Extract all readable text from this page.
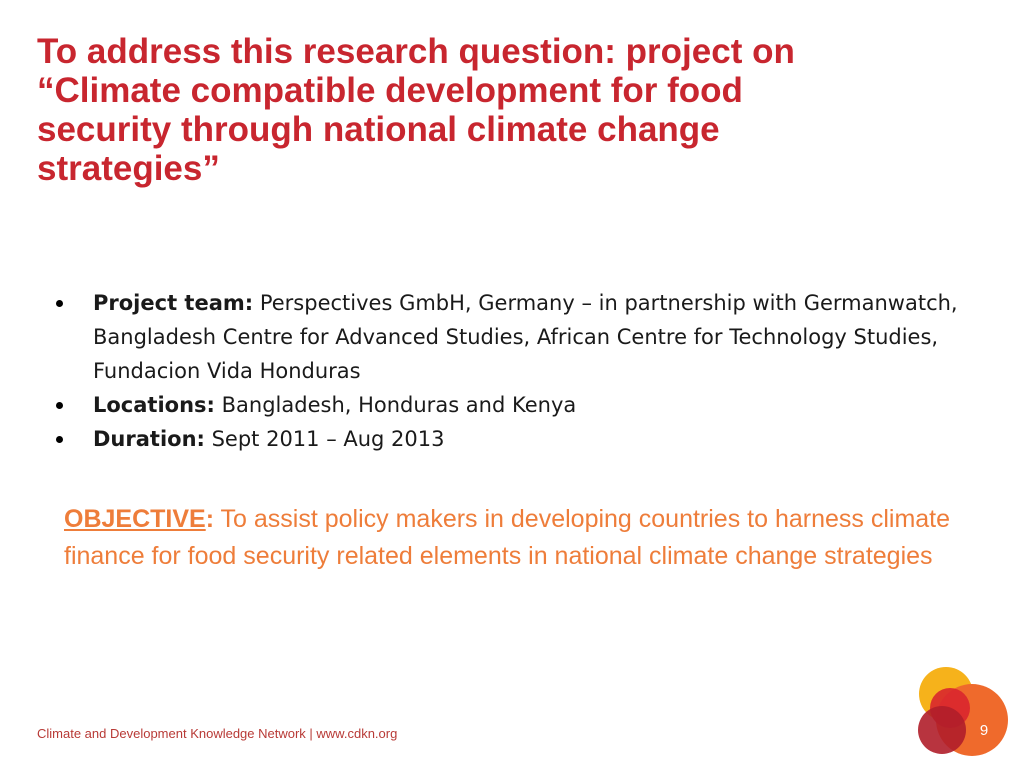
To address this research question: project on
“Climate compatible development for food
security through national climate change
strategies”
Project team: Perspectives GmbH, Germany – in partnership with Germanwatch, Bangladesh Centre for Advanced Studies, African Centre for Technology Studies, Fundacion Vida Honduras
Locations: Bangladesh, Honduras and Kenya
Duration: Sept 2011 – Aug 2013

OBJECTIVE: To assist policy makers in developing countries to harness climate finance for food security related elements in national climate change strategies

Climate and Development Knowledge Network | www.cdkn.org	9
